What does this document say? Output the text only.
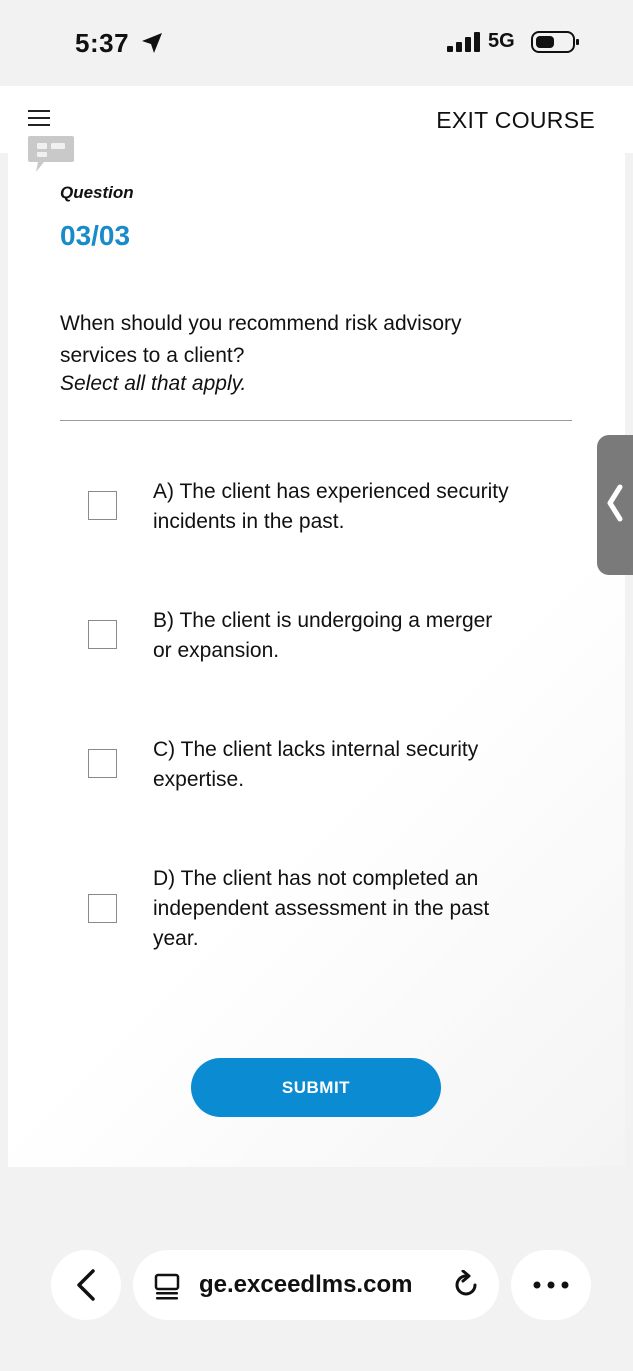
5:37	5G
EXIT COURSE
Question
03/03

When should you recommend risk advisory services to a client?

Select all that apply.
A) The client has experienced security incidents in the past.
B) The client is undergoing a merger or expansion.
C) The client lacks internal security expertise.
D) The client has not completed an independent assessment in the past year.
SUBMIT
ge.exceedlms.com
